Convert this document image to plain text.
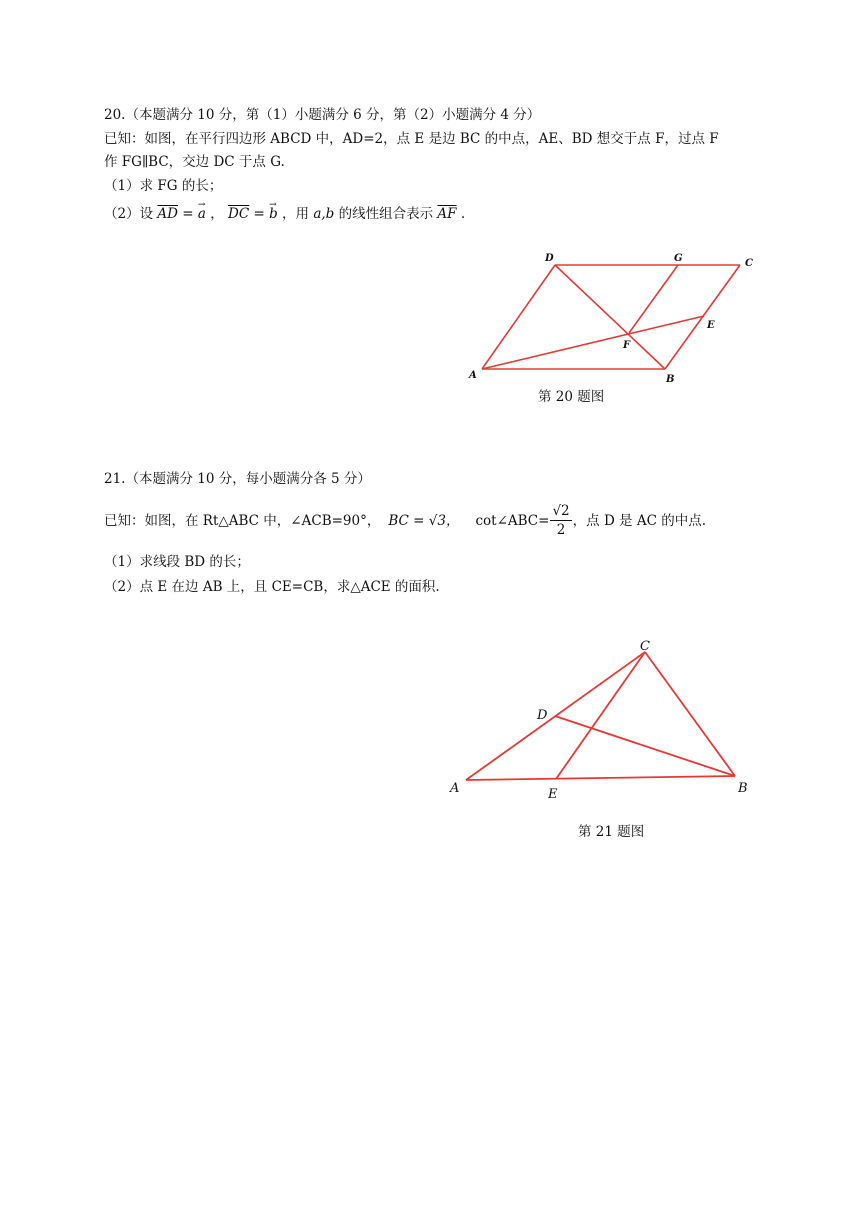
20.（本题满分 10 分，第（1）小题满分 6 分，第（2）小题满分 4 分）
已知：如图，在平行四边形 ABCD 中，AD=2，点 E 是边 BC 的中点，AE、BD 想交于点 F，过点 F
作 FG∥BC，交边 DC 于点 G.
（1）求 FG 的长；
（2）设 $\overline{AD}$ = → a ， $\overline{DC}$ = → b ，用 a,b 的线性组合表示 $\overline{AF}$ .
D	G	C
E
F
A	B
第 20 题图
21.（本题满分 10 分，每小题满分各 5 分）
已知：如图，在 Rt△ABC 中，∠ACB=90°， BC = √3， cot∠ABC= $\frac{√2}{2}$ ，点 D 是 AC 的中点.
（1）求线段 BD 的长；
（2）点 E 在边 AB 上，且 CE=CB，求△ACE 的面积.
C
D
A	E	B
第 21 题图
